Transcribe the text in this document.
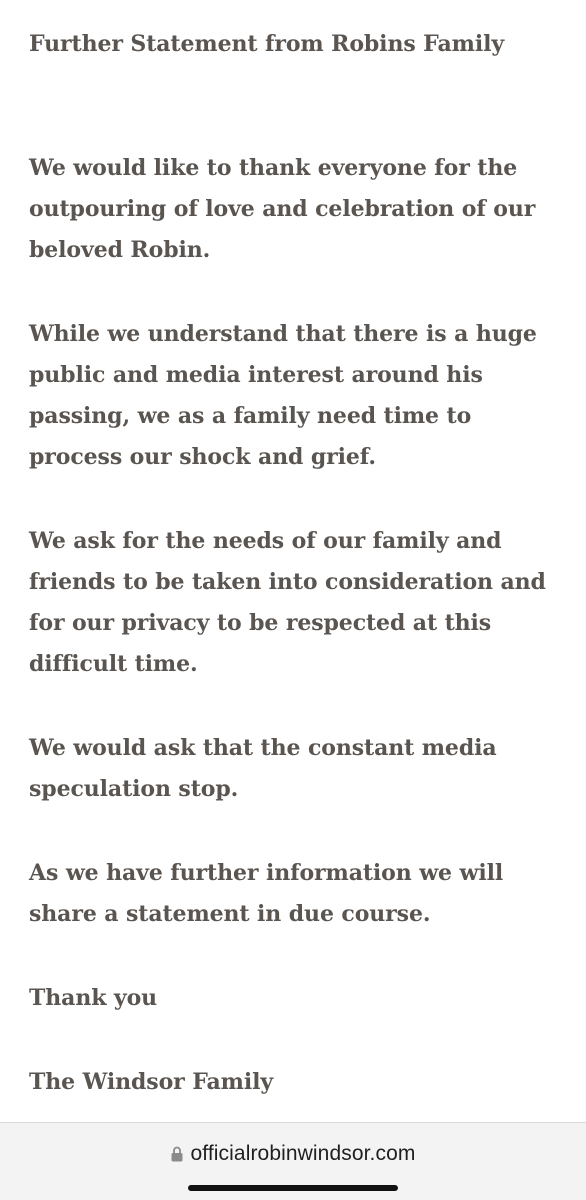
Further Statement from Robins Family

We would like to thank everyone for the outpouring of love and celebration of our beloved Robin.

While we understand that there is a huge public and media interest around his passing, we as a family need time to process our shock and grief.

We ask for the needs of our family and friends to be taken into consideration and for our privacy to be respected at this difficult time.

We would ask that the constant media speculation stop.

As we have further information we will share a statement in due course.

Thank you

The Windsor Family

officialrobinwindsor.com
